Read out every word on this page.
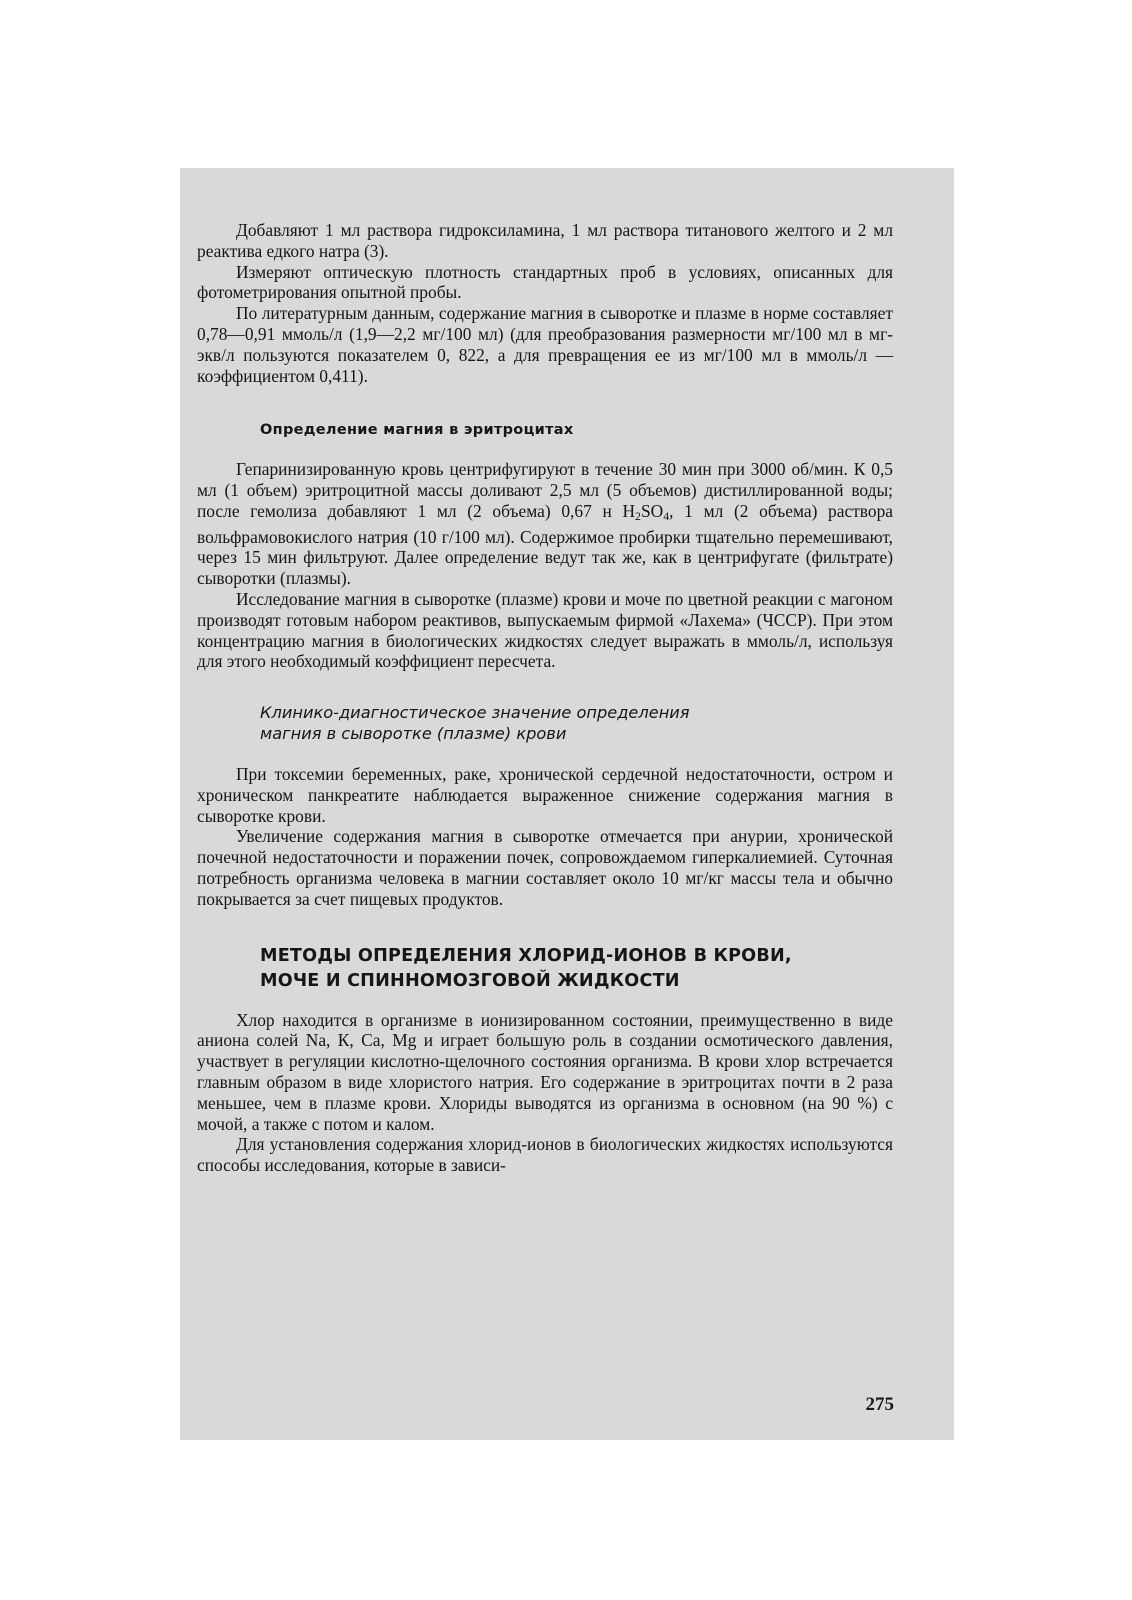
Добавляют 1 мл раствора гидроксиламина, 1 мл раствора титанового желтого и 2 мл реактива едкого натра (3).

Измеряют оптическую плотность стандартных проб в условиях, описанных для фотометрирования опытной пробы.

По литературным данным, содержание магния в сыворотке и плазме в норме составляет 0,78—0,91 ммоль/л (1,9—2,2 мг/100 мл) (для преобразования размерности мг/100 мл в мг-экв/л пользуются показателем 0, 822, а для превращения ее из мг/100 мл в ммоль/л — коэффициентом 0,411).

Определение магния в эритроцитах

Гепаринизированную кровь центрифугируют в течение 30 мин при 3000 об/мин. К 0,5 мл (1 объем) эритроцитной массы доливают 2,5 мл (5 объемов) дистиллированной воды; после гемолиза добавляют 1 мл (2 объема) 0,67 н $H_2SO_4$, 1 мл (2 объема) раствора вольфрамовокислого натрия (10 г/100 мл). Содержимое пробирки тщательно перемешивают, через 15 мин фильтруют. Далее определение ведут так же, как в центрифугате (фильтрате) сыворотки (плазмы).

Исследование магния в сыворотке (плазме) крови и моче по цветной реакции с магоном производят готовым набором реактивов, выпускаемым фирмой «Лахема» (ЧССР). При этом концентрацию магния в биологических жидкостях следует выражать в ммоль/л, используя для этого необходимый коэффициент пересчета.

Клинико-диагностическое значение определения
магния в сыворотке (плазме) крови

При токсемии беременных, раке, хронической сердечной недостаточности, остром и хроническом панкреатите наблюдается выраженное снижение содержания магния в сыворотке крови.

Увеличение содержания магния в сыворотке отмечается при анурии, хронической почечной недостаточности и поражении почек, сопровождаемом гиперкалиемией. Суточная потребность организма человека в магнии составляет около 10 мг/кг массы тела и обычно покрывается за счет пищевых продуктов.

МЕТОДЫ ОПРЕДЕЛЕНИЯ ХЛОРИД-ИОНОВ В КРОВИ,
МОЧЕ И СПИННОМОЗГОВОЙ ЖИДКОСТИ

Хлор находится в организме в ионизированном состоянии, преимущественно в виде аниона солей Na, К, Са, Mg и играет большую роль в создании осмотического давления, участвует в регуляции кислотно-щелочного состояния организма. В крови хлор встречается главным образом в виде хлористого натрия. Его содержание в эритроцитах почти в 2 раза меньшее, чем в плазме крови. Хлориды выводятся из организма в основном (на 90 %) с мочой, а также с потом и калом.

Для установления содержания хлорид-ионов в биологических жидкостях используются способы исследования, которые в зависи-

275
